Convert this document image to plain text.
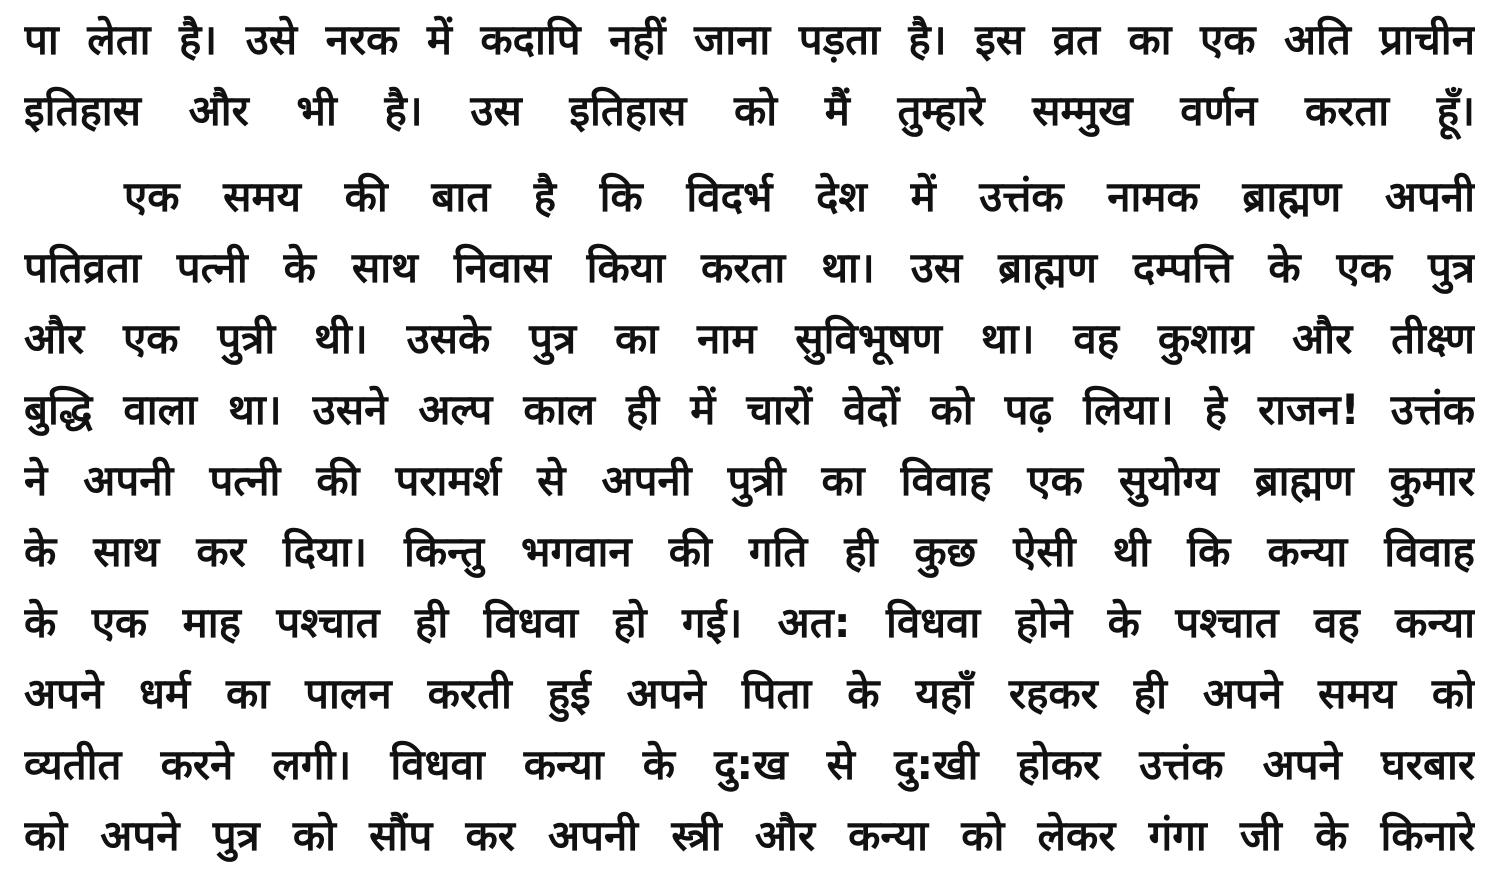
पा लेता है। उसे नरक में कदापि नहीं जाना पड़ता है। इस व्रत का एक अति प्राचीन
इतिहास और भी है। उस इतिहास को मैं तुम्हारे सम्मुख वर्णन करता हूँ।
एक समय की बात है कि विदर्भ देश में उत्तंक नामक ब्राह्मण अपनी
पतिव्रता पत्नी के साथ निवास किया करता था। उस ब्राह्मण दम्पत्ति के एक पुत्र
और एक पुत्री थी। उसके पुत्र का नाम सुविभूषण था। वह कुशाग्र और तीक्ष्ण
बुद्धि वाला था। उसने अल्प काल ही में चारों वेदों को पढ़ लिया। हे राजन! उत्तंक
ने अपनी पत्नी की परामर्श से अपनी पुत्री का विवाह एक सुयोग्य ब्राह्मण कुमार
के साथ कर दिया। किन्तु भगवान की गति ही कुछ ऐसी थी कि कन्या विवाह
के एक माह पश्चात ही विधवा हो गई। अत: विधवा होने के पश्चात वह कन्या
अपने धर्म का पालन करती हुई अपने पिता के यहाँ रहकर ही अपने समय को
व्यतीत करने लगी। विधवा कन्या के दु:ख से दु:खी होकर उत्तंक अपने घरबार
को अपने पुत्र को सौंप कर अपनी स्त्री और कन्या को लेकर गंगा जी के किनारे
